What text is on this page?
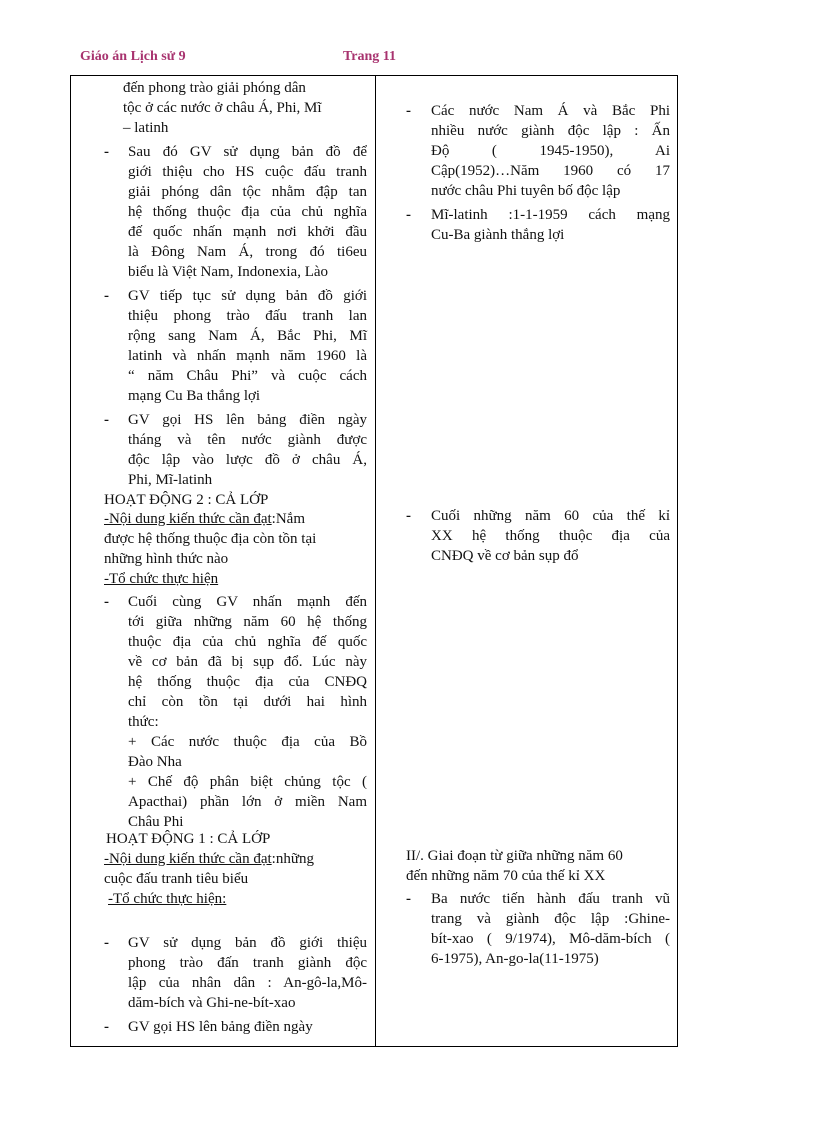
Giáo án Lịch sử 9	Trang 11
đến phong trào giải phóng dân
tộc ở các nước ở châu Á, Phi, Mĩ
– latinh
- Sau đó GV sử dụng bản đồ để
giới thiệu cho HS cuộc đấu tranh
giải phóng dân tộc nhằm đập tan
hệ thống thuộc địa của chủ nghĩa
đế quốc nhấn mạnh nơi khởi đầu
là Đông Nam Á, trong đó ti6eu
biểu là Việt Nam, Indonexia, Lào
- GV tiếp tục sử dụng bản đồ giới
thiệu phong trào đấu tranh lan
rộng sang Nam Á, Bắc Phi, Mĩ
latinh và nhấn mạnh năm 1960 là
“ năm Châu Phi” và cuộc cách
mạng Cu Ba thắng lợi
- GV gọi HS lên bảng điền ngày
tháng và tên nước giành được
độc lập vào lược đồ ở châu Á,
Phi, Mĩ-latinh
HOẠT ĐỘNG 2 : CẢ LỚP
-Nội dung kiến thức cần đạt:Nắm
được hệ thống thuộc địa còn tồn tại
những hình thức nào
-Tổ chức thực hiện
- Cuối cùng GV nhấn mạnh đến
tới giữa những năm 60 hệ thống
thuộc địa của chủ nghĩa đế quốc
về cơ bản đã bị sụp đổ. Lúc này
hệ thống thuộc địa của CNĐQ
chỉ còn tồn tại dưới hai hình
thức:
+ Các nước thuộc địa của Bồ
Đào Nha
+ Chế độ phân biệt chủng tộc (
Apacthai) phần lớn ở miền Nam
Châu Phi
HOẠT ĐỘNG 1 : CẢ LỚP
-Nội dung kiến thức cần đạt:những
cuộc đấu tranh tiêu biểu
-Tổ chức thực hiện:
- GV sử dụng bản đồ giới thiệu
phong trào đấn tranh giành độc
lập của nhân dân : An-gô-la,Mô-
dăm-bích và Ghi-ne-bít-xao
- GV gọi HS lên bảng điền ngày
- Các nước Nam Á và Bắc Phi
nhiều nước giành độc lập : Ấn
Độ ( 1945-1950), Ai
Cập(1952)…Năm 1960 có 17
nước châu Phi tuyên bố độc lập
- Mĩ-latinh :1-1-1959 cách mạng
Cu-Ba giành thắng lợi
- Cuối những năm 60 của thế kỉ
XX hệ thống thuộc địa của
CNĐQ về cơ bản sụp đổ
II/. Giai đoạn từ giữa những năm 60
đến những năm 70 của thế kỉ XX
- Ba nước tiến hành đấu tranh vũ
trang và giành độc lập :Ghine-
bít-xao ( 9/1974), Mô-dăm-bích (
6-1975), An-go-la(11-1975)
